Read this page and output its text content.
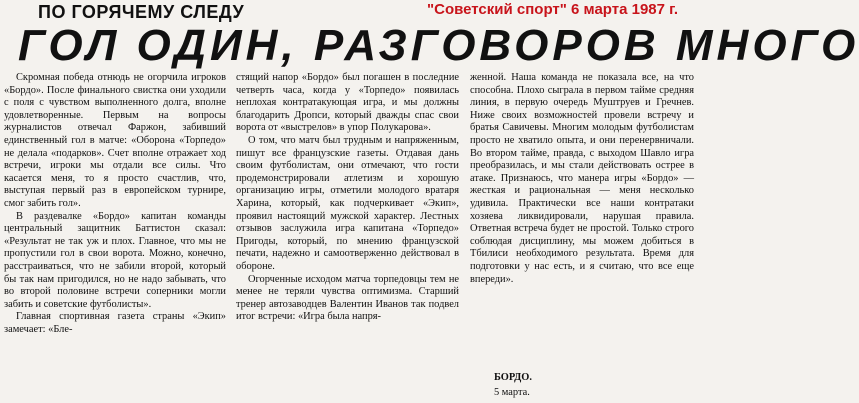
ПО ГОРЯЧЕМУ СЛЕДУ	"Советский спорт" 6 марта 1987 г.
ГОЛ ОДИН, РАЗГОВОРОВ МНОГО

Скромная победа отнюдь не огорчила игроков «Бордо». После финального свистка они уходили с поля с чувством выполненного долга, вполне удовлетворенные. Первым на вопросы журналистов отвечал Фаржон, забивший единственный гол в матче: «Оборона «Торпедо» не делала «подарков». Счет вполне отражает ход встречи, игроки мы отдали все силы. Что касается меня, то я просто счастлив, что, выступая первый раз в европейском турнире, смог забить гол».

В раздевалке «Бордо» капитан команды центральный защитник Баттистон сказал: «Результат не так уж и плох. Главное, что мы не пропустили гол в свои ворота. Можно, конечно, расстраиваться, что не забили второй, который бы так нам пригодился, но не надо забывать, что во второй половине встречи соперники могли забить и советские футболисты».

Главная спортивная газета страны «Экип» замечает: «Бле-

стящий напор «Бордо» был погашен в последние четверть часа, когда у «Торпедо» появилась неплохая контратакующая игра, и мы должны благодарить Дропси, который дважды спас свои ворота от «выстрелов» в упор Полукарова».

О том, что матч был трудным и напряженным, пишут все французские газеты. Отдавая дань своим футболистам, они отмечают, что гости продемонстрировали атлетизм и хорошую организацию игры, отметили молодого вратаря Харина, который, как подчеркивает «Экип», проявил настоящий мужской характер. Лестных отзывов заслужила игра капитана «Торпедо» Пригоды, который, по мнению французской печати, надежно и самоотверженно действовал в обороне.

Огорченные исходом матча торпедовцы тем не менее не теряли чувства оптимизма. Старший тренер автозаводцев Валентин Иванов так подвел итог встречи: «Игра была напря-

женной. Наша команда не показала все, на что способна. Плохо сыграла в первом тайме средняя линия, в первую очередь Муштруев и Гречнев. Ниже своих возможностей провели встречу и братья Савичевы. Многим молодым футболистам просто не хватило опыта, и они перенервничали. Во втором тайме, правда, с выходом Шавло игра преобразилась, и мы стали действовать острее в атаке. Признаюсь, что манера игры «Бордо» — жесткая и рациональная — меня несколько удивила. Практически все наши контратаки хозяева ликвидировали, нарушая правила. Ответная встреча будет не простой. Только строго соблюдая дисциплину, мы можем добиться в Тбилиси необходимого результата. Время для подготовки у нас есть, и я считаю, что все еще впереди».

БОРДО.
5 марта.
